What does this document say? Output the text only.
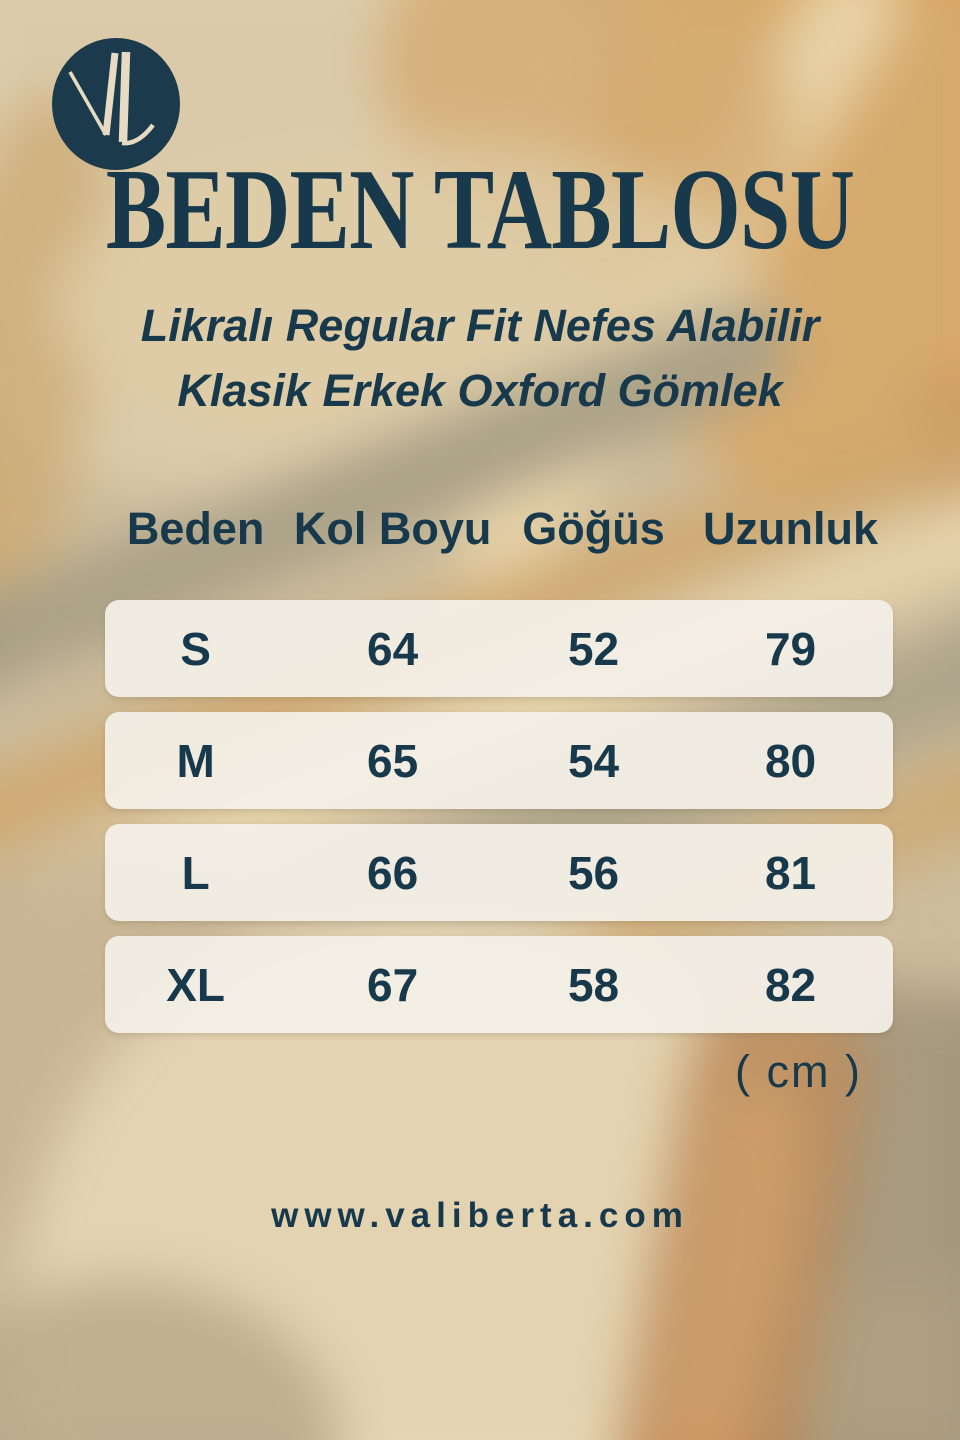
BEDEN TABLOSU
Likralı Regular Fit Nefes Alabilir
Klasik Erkek Oxford Gömlek
Beden Kol Boyu Göğüs Uzunluk
S	64	52	79
M	65	54	80
L	66	56	81
XL	67	58	82
( cm )
www.valiberta.com
